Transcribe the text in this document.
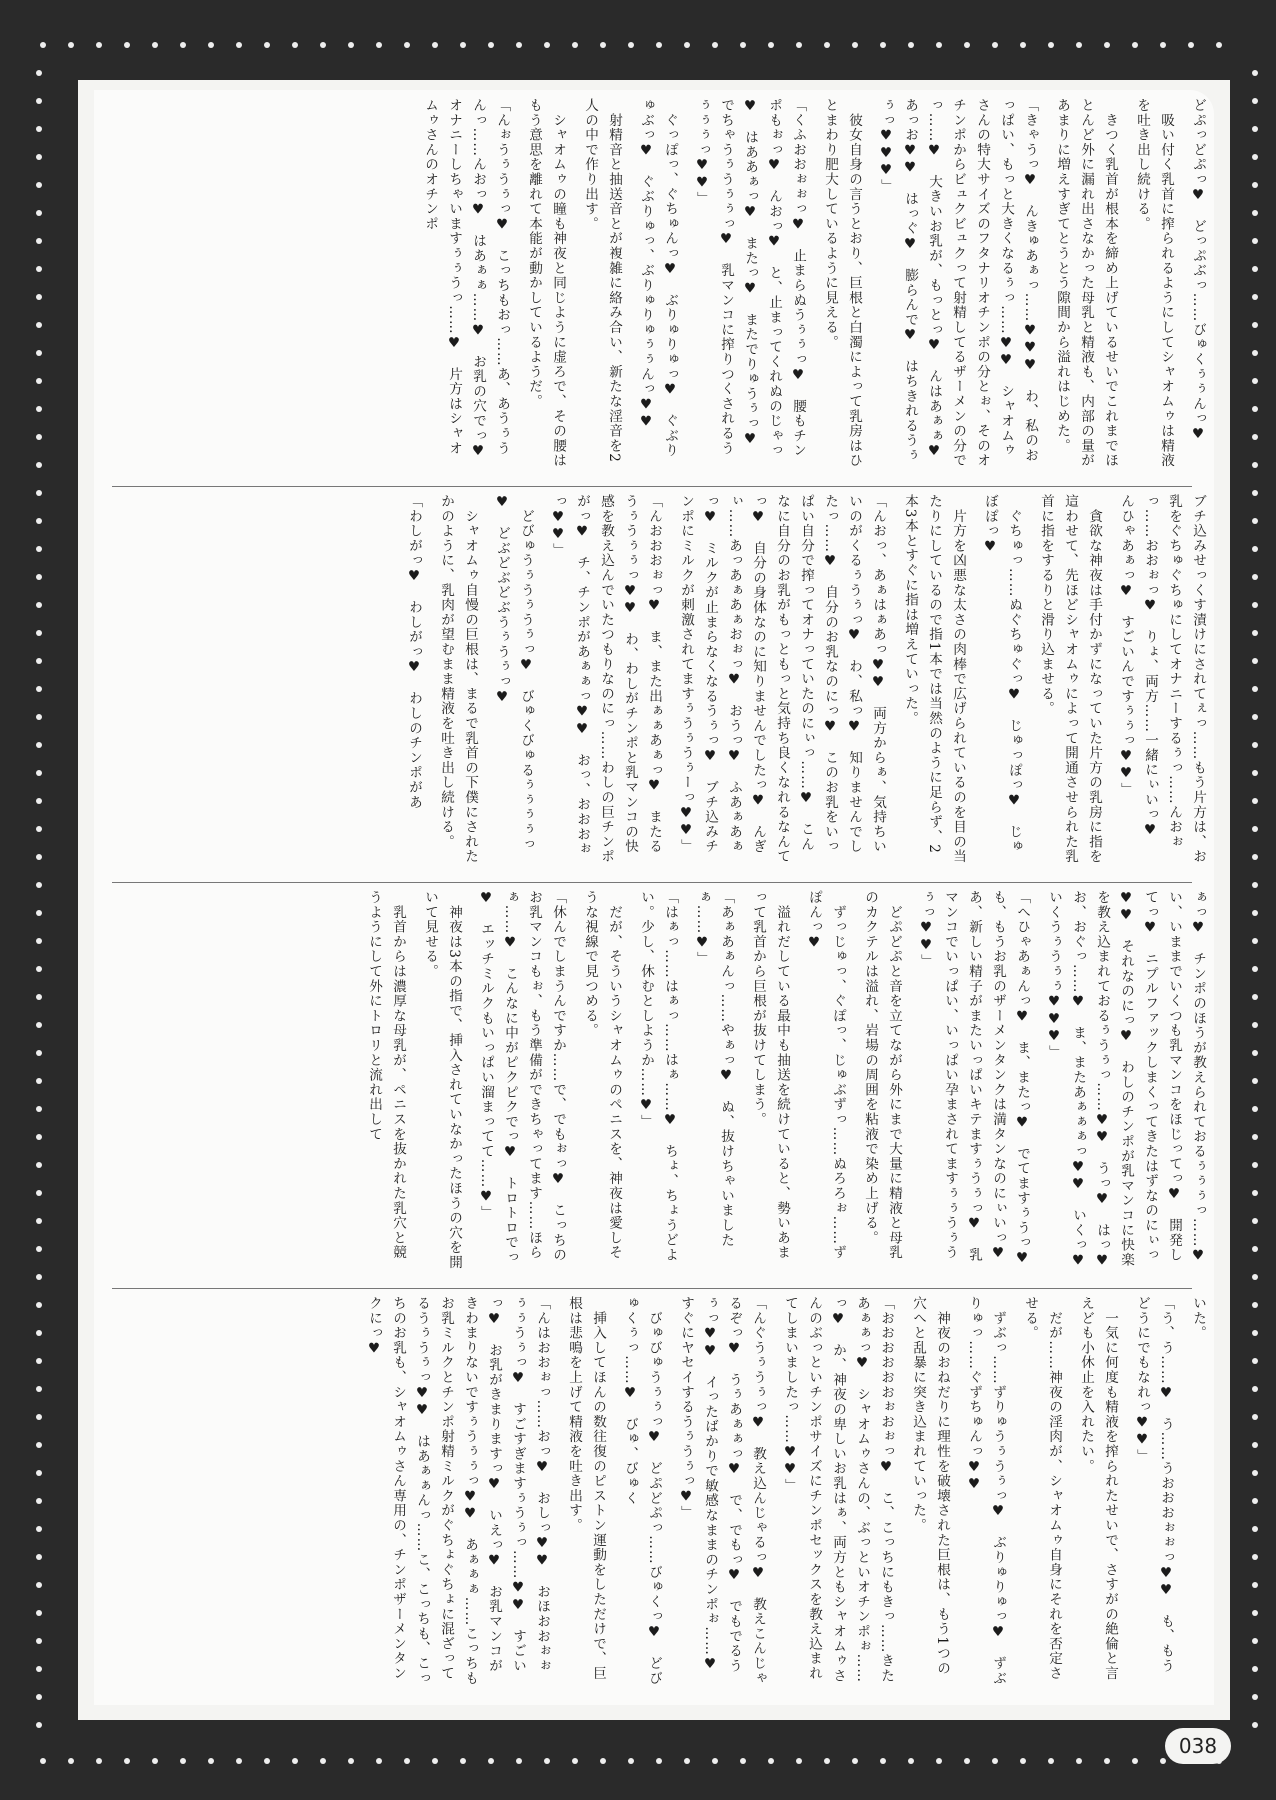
どぷっどぷっ♥　どっぷぶっ……びゅくぅぅんっ♥

　吸い付く乳首に搾られるようにしてシャオムゥは精液を吐き出し続ける。

　きつく乳首が根本を締め上げているせいでこれまでほとんど外に漏れ出さなかった母乳と精液も、内部の量があまりに増えすぎてとうとう隙間から溢れはじめた。

「きゃうっ♥　んきゅあぁっ……♥♥♥　わ、私のおっぱい、もっと大きくなるぅっ……♥♥　シャオムゥさんの特大サイズのフタナリオチンポの分とぉ、そのオチンポからビュクビュクって射精してるザーメンの分でっ……♥　大きいお乳が、もっとっ♥　んはあぁぁ♥　あっお♥♥　はっぐ♥　膨らんで♥　はちきれるうぅぅっ♥♥♥」

　彼女自身の言うとおり、巨根と白濁によって乳房はひとまわり肥大しているように見える。

「くふおおぉぉっ♥　止まらぬうぅぅっ♥　腰もチンポもぉっ♥　んおっ♥　と、止まってくれぬのじゃっ♥　はああぁっ♥　またっ♥　またでりゅうぅっ♥　でちゃうぅうぅぅっ♥　乳マンコに搾りつくされるうぅぅぅっ♥♥」

　ぐっぽっ、ぐちゅんっ♥　ぶりゅりゅっ♥　ぐぶりゅぶっ♥　ぐぶりゅっ、ぶりゅりゅぅぅんっ♥♥

　射精音と抽送音とが複雑に絡み合い、新たな淫音を2人の中で作り出す。

　シャオムゥの瞳も神夜と同じように虚ろで、その腰はもう意思を離れて本能が動かしているようだ。

「んぉうぅうぅっ♥　こっちもおっ……あ、あうぅうんっ……んおっ♥　はあぁぁ……♥　お乳の穴でっ♥　オナニーしちゃいますぅぅうっ……♥　片方はシャオムゥさんのオチンポ

ブチ込みせっくす漬けにされてぇっ……もう片方は、お乳をぐちゅぐちゅにしてオナニーするぅっ……んおぉっ……おおぉっ♥　りょ、両方……一緒にぃいっ♥　んひゃあぁっ♥　すごいんですぅぅっ♥♥」

　貪欲な神夜は手付かずになっていた片方の乳房に指を這わせて、先ほどシャオムゥによって開通させられた乳首に指をするりと滑り込ませる。

　ぐちゅっ……ぬぐちゅぐっ♥　じゅっぽっ♥　じゅぼぽっ♥

　片方を凶悪な太さの肉棒で広げられているのを目の当たりにしているので指1本では当然のように足らず、2本3本とすぐに指は増えていった。

「んおっ、あぁはぁあっ♥♥　両方からぁ、気持ちいいのがくるぅうぅっ♥　わ、私っ♥　知りませんでしたっ……♥　自分のお乳なのにっ♥　このお乳をいっぱい自分で搾ってオナっていたのにぃっ……♥　こんなに自分のお乳がもっともっと気持ち良くなれるなんてっ♥　自分の身体なのに知りませんでしたっ♥　んぎぃ……あっあぁあぁおぉっ♥　おうっ♥　ふあぁあぁっ♥　ミルクが止まらなくなるうぅっ♥　ブチ込みチンポにミルクが刺激されてますぅうぅうぅーっ♥♥」

「んおおおぉっ♥　ま、また出ぁぁあぁっ♥　またるうぅうぅぅっ♥♥　わ、わしがチンポと乳マンコの快感を教え込んでいたつもりなのにっ……わしの巨チンポがっ♥　チ、チンポがあぁぁっ♥♥　おっ、おおおぉっ♥♥」

　どびゅうぅうぅうぅっ♥　びゅくびゅるぅぅぅぅっ♥　どぶどぶどぶうぅうぅっ♥

　シャオムゥ自慢の巨根は、まるで乳首の下僕にされたかのように、乳肉が望むまま精液を吐き出し続ける。

「わしがっ♥　わしがっ♥　わしのチンポがあ

ぁっ♥　チンポのほうが教えられておるぅぅぅっ……♥　い、いままでいくつも乳マンコをほじってっ♥　開発してっ♥　ニプルファックしまくってきたはずなのにぃっ♥♥　それなのにっ♥　わしのチンポが乳マンコに快楽を教え込まれておるぅうぅっ……♥♥　うっ♥　はっ♥　お、おぐっ……♥　ま、またあぁぁぁっ♥♥　いくっ♥　いくうぅうぅぅ♥♥♥」

「へひゃあぁんっ♥　ま、またっ♥　でてますぅうっ♥　も、もうお乳のザーメンタンクは満タンなのにぃいっ♥　あ、新しい精子がまたいっぱいキテますぅうぅっ♥　乳マンコでいっぱい、いっぱい孕まされてますぅぅうぅうぅっ♥♥」

　どぷどぷと音を立てながら外にまで大量に精液と母乳のカクテルは溢れ、岩場の周囲を粘液で染め上げる。

　ずっじゅっ、ぐぽっ、じゅぶずっ……ぬろろぉ……ずぽんっ♥

　溢れだしている最中も抽送を続けていると、勢いあまって乳首から巨根が抜けてしまう。

「あぁあぁんっ……やぁっ♥　ぬ、抜けちゃいましたぁ……♥」

「はぁっ……はぁっ……はぁ……♥　ちょ、ちょうどよい。少し、休むとしようか……♥」

　だが、そういうシャオムゥのペニスを、神夜は愛しそうな視線で見つめる。

「休んでしまうんですか……で、でもぉっ♥　こっちのお乳マンコもぉ、もう準備ができちゃってます……ほらぁ……♥　こんなに中がピクピクでっ♥　トロトロでっ♥　エッチミルクもいっぱい溜まってて……♥」

　神夜は3本の指で、挿入されていなかったほうの穴を開いて見せる。

　乳首からは濃厚な母乳が、ペニスを抜かれた乳穴と競うようにして外にトロリと流れ出して

いた。

「う、う……♥　う……うおおおぉぉっ♥♥　も、もうどうにでもなれっ♥♥」

　一気に何度も精液を搾られたせいで、さすがの絶倫と言えども小休止を入れたい。

　だが……神夜の淫肉が、シャオムゥ自身にそれを否定させる。

　ずぶっ……ずりゅうぅうぅっ♥　ぶりゅりゅっ♥　ずぶりゅっ……ぐずちゅんっ♥♥

　神夜のおねだりに理性を破壊された巨根は、もう1つの穴へと乱暴に突き込まれていった。

「おおおおおおぉおぉっ♥　こ、こっちにもきっ……きたあぁぁっ♥　シャオムゥさんの、ぶっといオチンポぉ……っ♥　か、神夜の卑しいお乳はぁ、両方ともシャオムゥさんのぶっといチンポサイズにチンポセックスを教え込まれてしまいましたっ……♥♥」

「んぐうぅうぅっ♥　教え込んじゃるっ♥　教えこんじゃるぞっ♥　うぅあぁぁっ♥　で、でもっ♥　でもでるうぅっ♥♥　イったばかりで敏感なままのチンポぉ……♥　すぐにヤセイするうぅうぅっ♥」

　びゅびゅうぅぅっ♥　どぷどぷっ……びゅくっ♥　どびゅくぅっ……♥　びゅ、びゅく

　挿入してほんの数往復のピストン運動をしただけで、巨根は悲鳴を上げて精液を吐き出す。

「んはおおぉっ……おっ♥　おしっ♥♥　おほおおぉぉぅぅうぅっ♥　すごすぎますぅうぅっ……♥♥　すごいっ♥　お乳がきまりますっ♥　いえっ♥　お乳マンコがきわまりないですぅうぅぅっ♥♥　あぁぁぁ……こっちもお乳ミルクとチンポ射精ミルクがぐちょぐちょに混ざってるうぅうぅっ♥♥　はあぁぁんっ……こ、こっちも、こっちのお乳も、シャオムゥさん専用の、チンポザーメンタンクにっ♥

038
